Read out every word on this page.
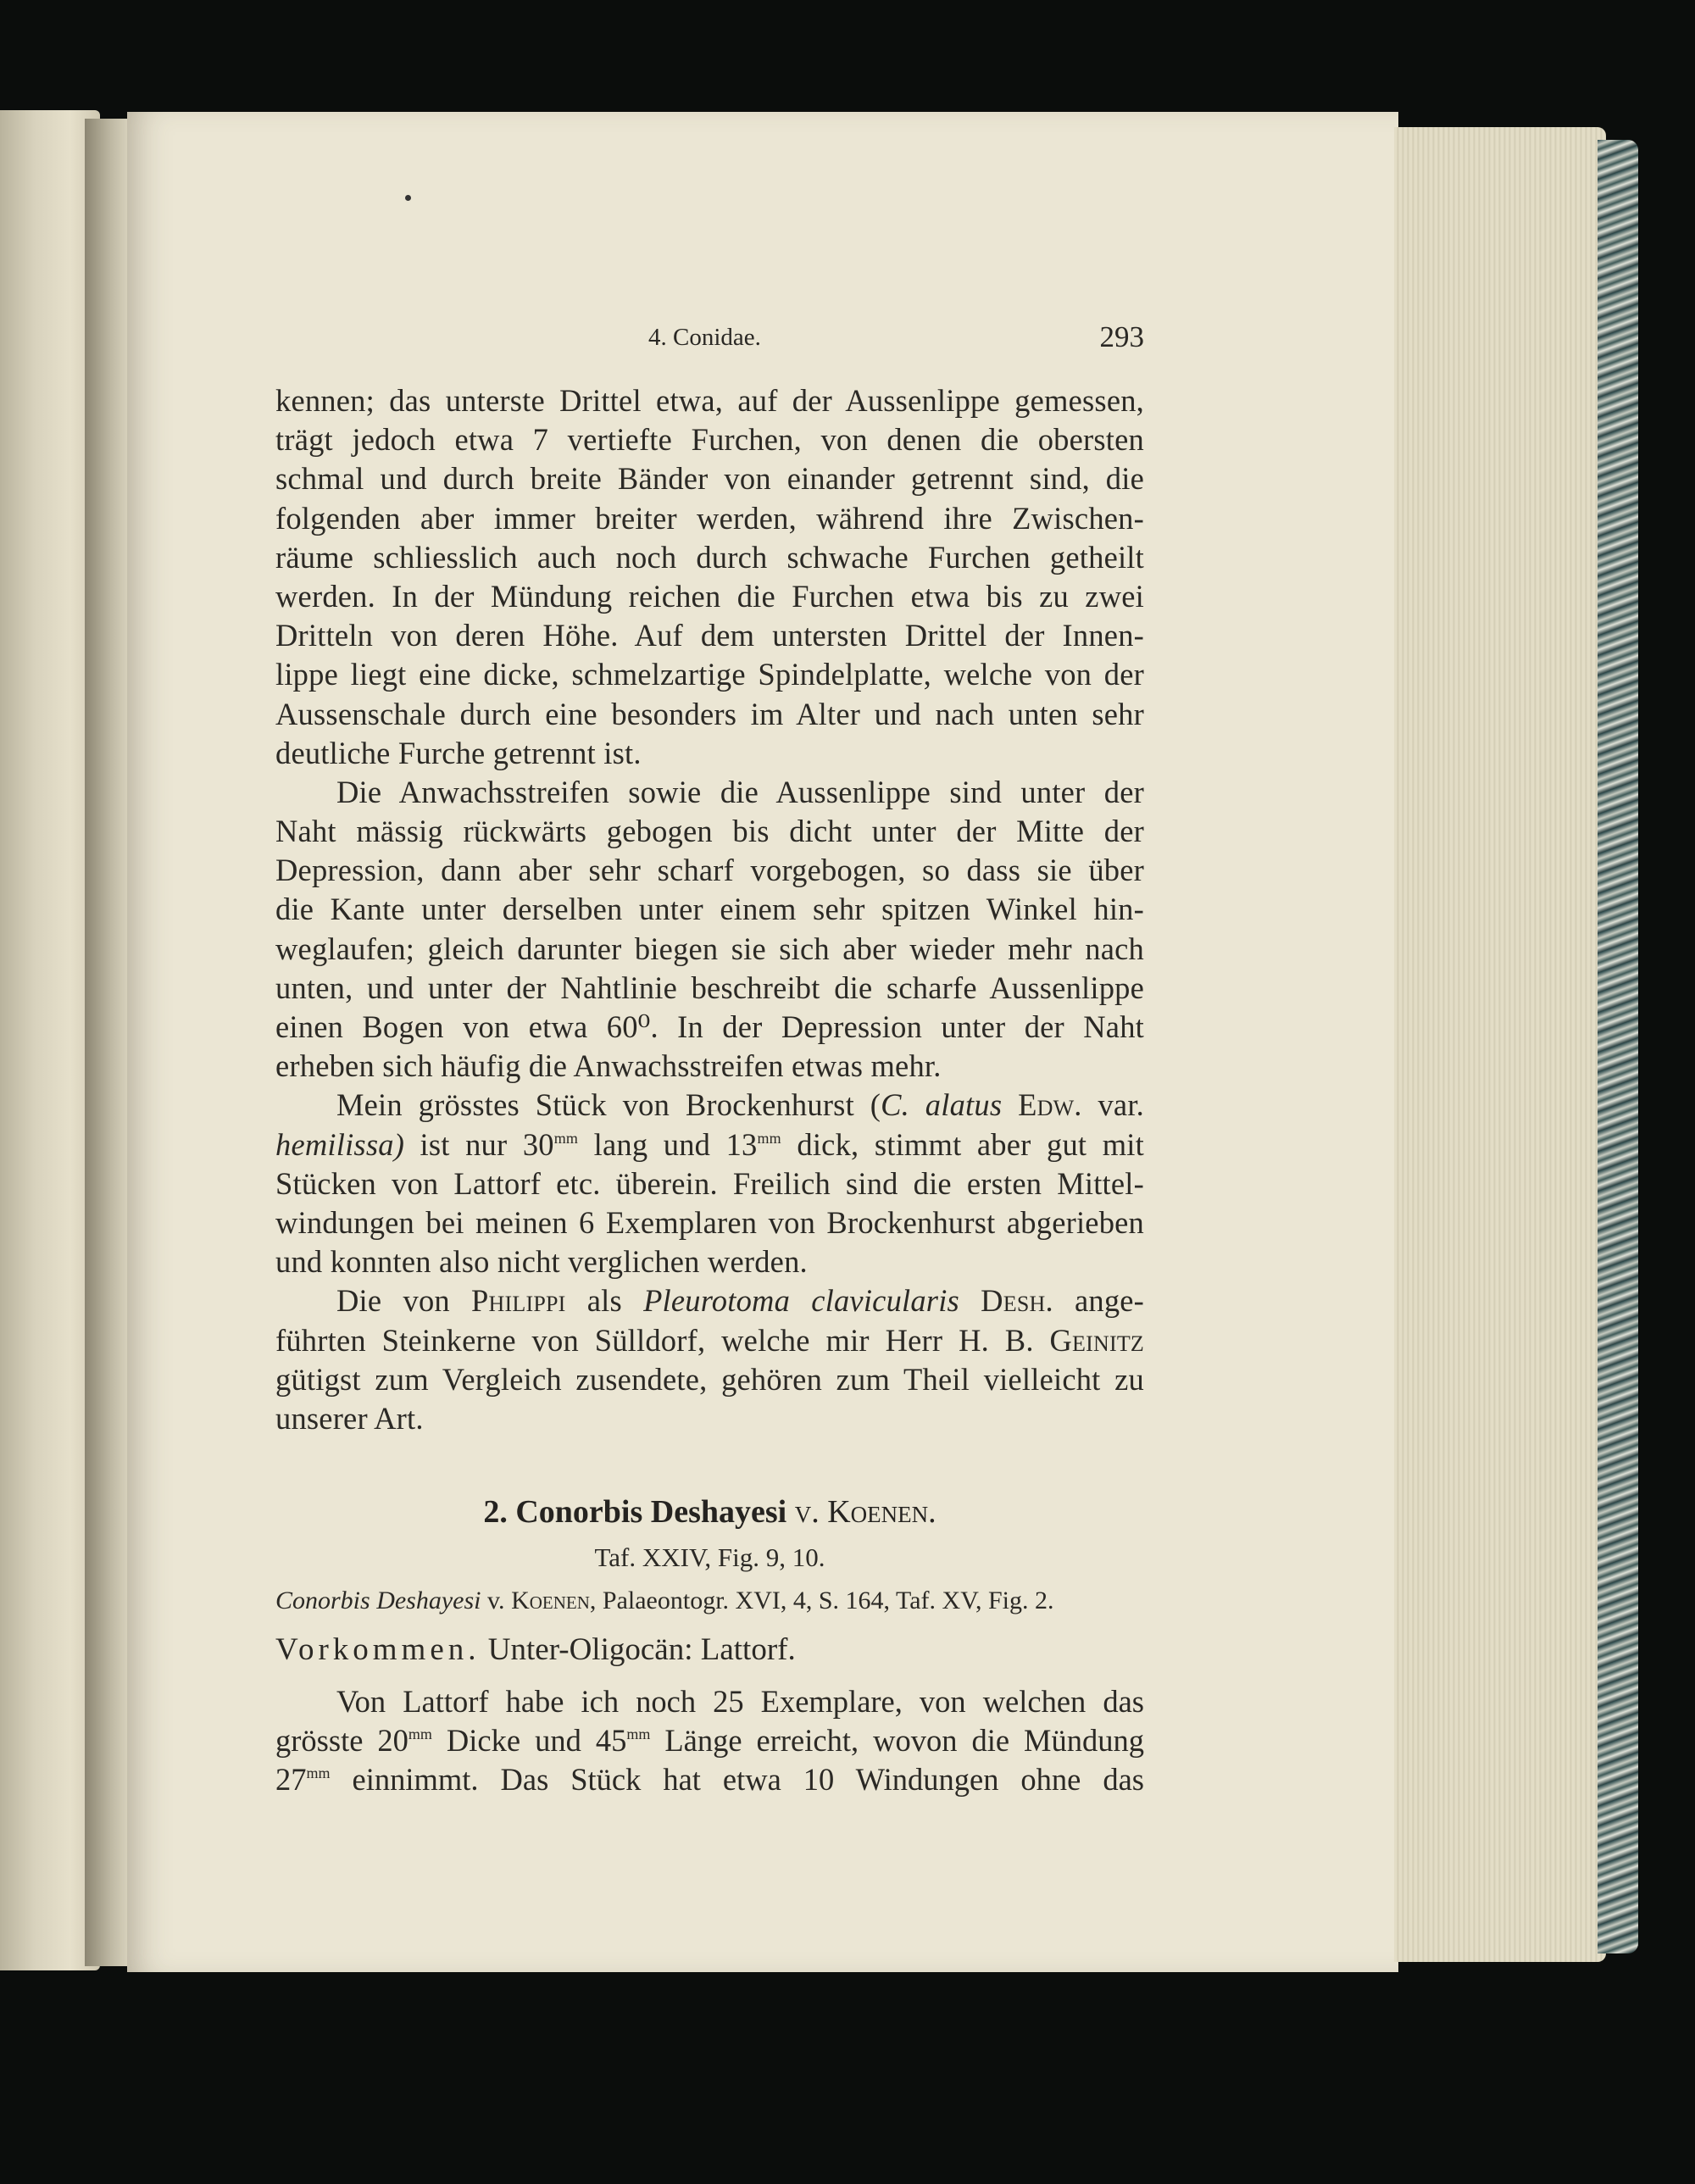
4. Conidae.	293

kennen; das unterste Drittel etwa, auf der Aussenlippe gemessen,
trägt jedoch etwa 7 vertiefte Furchen, von denen die obersten
schmal und durch breite Bänder von einander getrennt sind, die
folgenden aber immer breiter werden, während ihre Zwischen-
räume schliesslich auch noch durch schwache Furchen getheilt
werden. In der Mündung reichen die Furchen etwa bis zu zwei
Dritteln von deren Höhe. Auf dem untersten Drittel der Innen-
lippe liegt eine dicke, schmelzartige Spindelplatte, welche von der
Aussenschale durch eine besonders im Alter und nach unten sehr
deutliche Furche getrennt ist.

Die Anwachsstreifen sowie die Aussenlippe sind unter der
Naht mässig rückwärts gebogen bis dicht unter der Mitte der
Depression, dann aber sehr scharf vorgebogen, so dass sie über
die Kante unter derselben unter einem sehr spitzen Winkel hin-
weglaufen; gleich darunter biegen sie sich aber wieder mehr nach
unten, und unter der Nahtlinie beschreibt die scharfe Aussenlippe
einen Bogen von etwa 60⁰. In der Depression unter der Naht
erheben sich häufig die Anwachsstreifen etwas mehr.

Mein grösstes Stück von Brockenhurst (C. alatus Edw. var.
hemilissa) ist nur $30^{mm}$ lang und $13^{mm}$ dick, stimmt aber gut mit
Stücken von Lattorf etc. überein. Freilich sind die ersten Mittel-
windungen bei meinen 6 Exemplaren von Brockenhurst abgerieben
und konnten also nicht verglichen werden.

Die von Philippi als Pleurotoma clavicularis Desh. ange-
führten Steinkerne von Sülldorf, welche mir Herr H. B. Geinitz
gütigst zum Vergleich zusendete, gehören zum Theil vielleicht zu
unserer Art.

2. Conorbis Deshayesi v. Koenen.
Taf. XXIV, Fig. 9, 10.
Conorbis Deshayesi v. Koenen, Palaeontogr. XVI, 4, S. 164, Taf. XV, Fig. 2.
Vorkommen. Unter-Oligocän: Lattorf.
Von Lattorf habe ich noch 25 Exemplare, von welchen das
grösste $20^{mm}$ Dicke und $45^{mm}$ Länge erreicht, wovon die Mündung
$27^{mm}$ einnimmt. Das Stück hat etwa 10 Windungen ohne das
